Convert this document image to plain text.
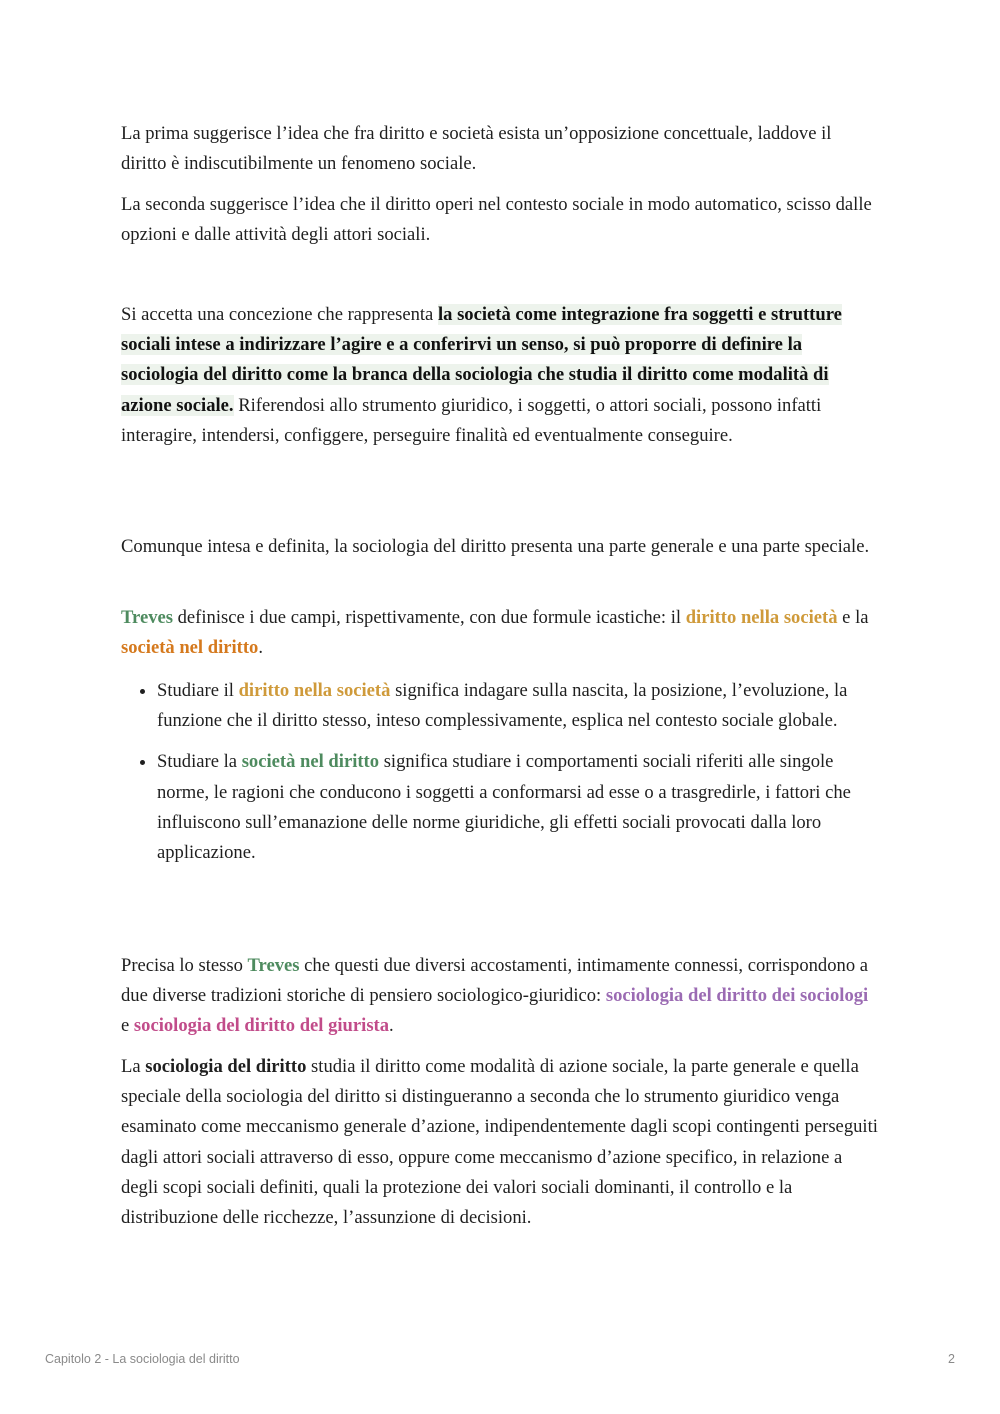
La prima suggerisce l’idea che fra diritto e società esista un’opposizione concettuale, laddove il diritto è indiscutibilmente un fenomeno sociale.

La seconda suggerisce l’idea che il diritto operi nel contesto sociale in modo automatico, scisso dalle opzioni e dalle attività degli attori sociali.

Si accetta una concezione che rappresenta la società come integrazione fra soggetti e strutture sociali intese a indirizzare l’agire e a conferirvi un senso, si può proporre di definire la sociologia del diritto come la branca della sociologia che studia il diritto come modalità di azione sociale. Riferendosi allo strumento giuridico, i soggetti, o attori sociali, possono infatti interagire, intendersi, configgere, perseguire finalità ed eventualmente conseguire.

Comunque intesa e definita, la sociologia del diritto presenta una parte generale e una parte speciale.

Treves definisce i due campi, rispettivamente, con due formule icastiche: il diritto nella società e la società nel diritto.

• Studiare il diritto nella società significa indagare sulla nascita, la posizione, l’evoluzione, la funzione che il diritto stesso, inteso complessivamente, esplica nel contesto sociale globale.
• Studiare la società nel diritto significa studiare i comportamenti sociali riferiti alle singole norme, le ragioni che conducono i soggetti a conformarsi ad esse o a trasgredirle, i fattori che influiscono sull’emanazione delle norme giuridiche, gli effetti sociali provocati dalla loro applicazione.

Precisa lo stesso Treves che questi due diversi accostamenti, intimamente connessi, corrispondono a due diverse tradizioni storiche di pensiero sociologico-giuridico: sociologia del diritto dei sociologi e sociologia del diritto del giurista.

La sociologia del diritto studia il diritto come modalità di azione sociale, la parte generale e quella speciale della sociologia del diritto si distingueranno a seconda che lo strumento giuridico venga esaminato come meccanismo generale d’azione, indipendentemente dagli scopi contingenti perseguiti dagli attori sociali attraverso di esso, oppure come meccanismo d’azione specifico, in relazione a degli scopi sociali definiti, quali la protezione dei valori sociali dominanti, il controllo e la distribuzione delle ricchezze, l’assunzione di decisioni.

Capitolo 2 - La sociologia del diritto	2
